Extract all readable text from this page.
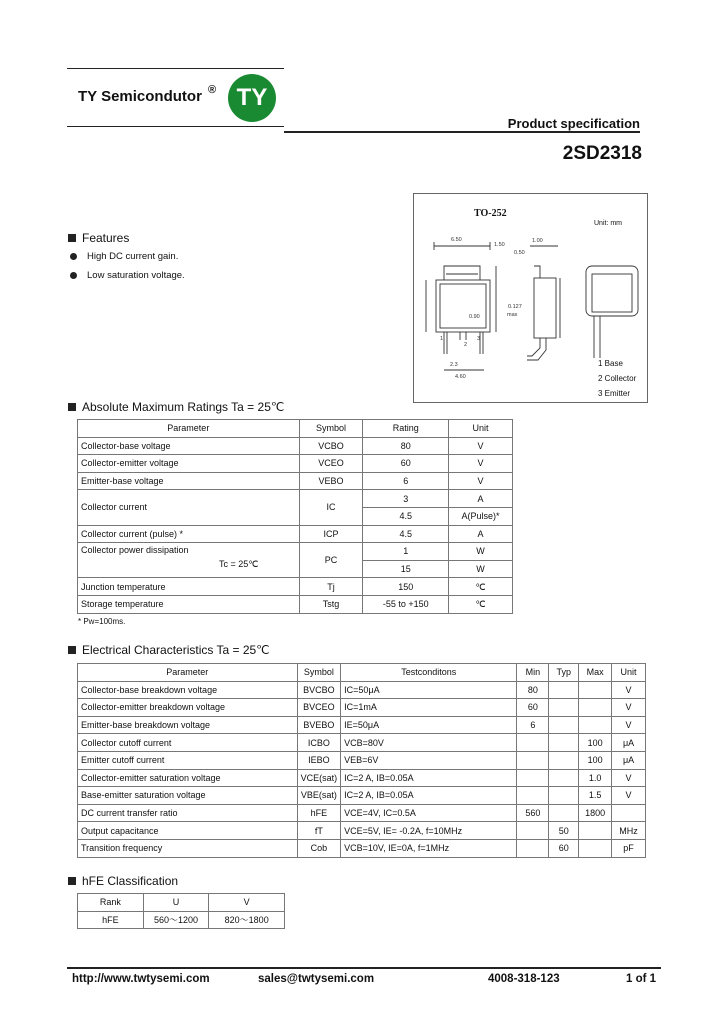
TY Semicondutor ® TY
Product specification
2SD2318
Features
High DC current gain.
Low saturation voltage.
TO-252
Unit: mm
6.50
1.50
1.00
0.50
0.127
max
0.90
1
2
3
2.3
4.60
1 Base
2 Collector
3 Emitter
Absolute Maximum Ratings Ta = 25℃
Parameter	Symbol	Rating	Unit
Collector-base voltage	VCBO	80	V
Collector-emitter voltage	VCEO	60	V
Emitter-base voltage	VEBO	6	V
Collector current	IC	3	A
		4.5	A(Pulse)*
Collector current (pulse) *	ICP	4.5	A

Collector power dissipation
Tc = 25℃	PC	1	W
		15	W
Junction temperature	Tj	150	℃
Storage temperature	Tstg	-55 to +150	℃
* Pw=100ms.
Electrical Characteristics Ta = 25℃
Parameter	Symbol	Testconditons	Min	Typ	Max	Unit
Collector-base breakdown voltage	BVCBO	IC=50μA	80			V
Collector-emitter breakdown voltage	BVCEO	IC=1mA	60			V
Emitter-base breakdown voltage	BVEBO	IE=50μA	6			V
Collector cutoff current	ICBO	VCB=80V			100	μA
Emitter cutoff current	IEBO	VEB=6V			100	μA
Collector-emitter saturation voltage	VCE(sat)	IC=2 A, IB=0.05A			1.0	V
Base-emitter saturation voltage	VBE(sat)	IC=2 A, IB=0.05A			1.5	V
DC current transfer ratio	hFE	VCE=4V, IC=0.5A	560		1800	
Output capacitance	fT	VCE=5V, IE= -0.2A, f=10MHz		50		MHz
Transition frequency	Cob	VCB=10V, IE=0A, f=1MHz		60		pF
hFE Classification
Rank	U	V
hFE	560～1200	820～1800
http://www.twtysemi.com	sales@twtysemi.com	4008-318-123	1 of 1
